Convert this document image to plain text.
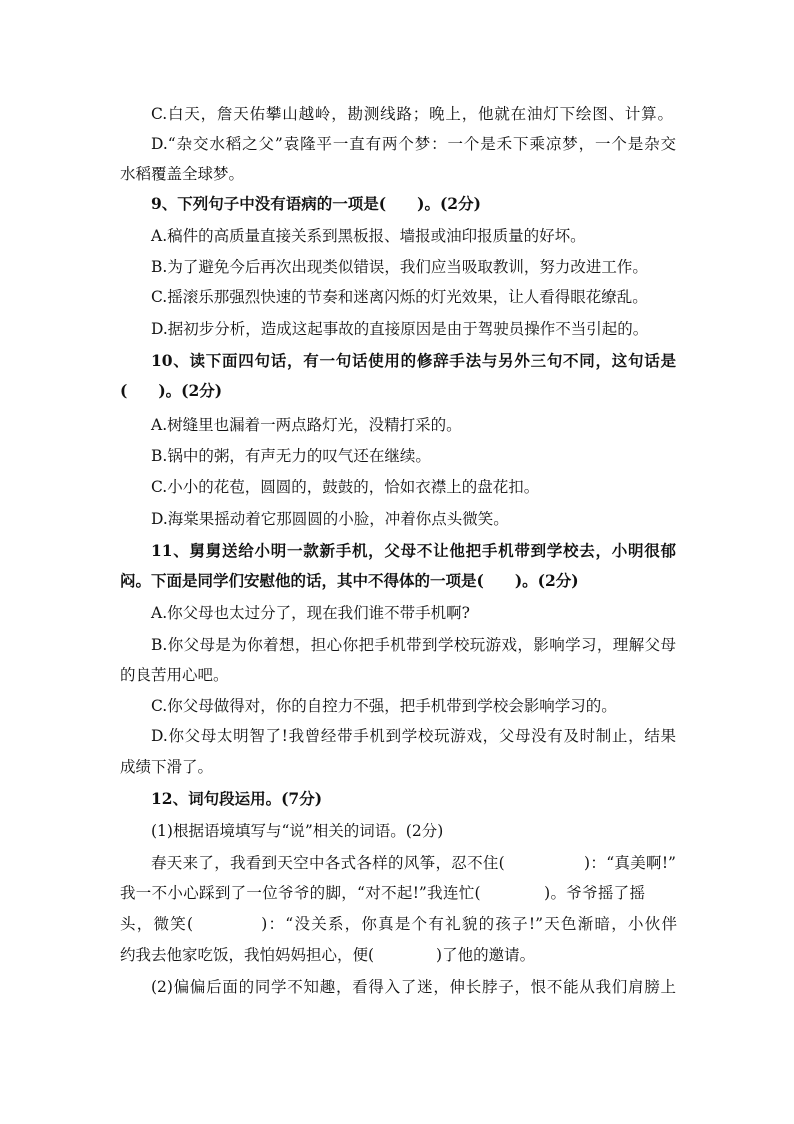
C.白天，詹天佑攀山越岭，勘测线路；晚上，他就在油灯下绘图、计算。
D.“杂交水稻之父”袁隆平一直有两个梦：一个是禾下乘凉梦，一个是杂交
水稻覆盖全球梦。
9、下列句子中没有语病的一项是(　　)。(2分)
A.稿件的高质量直接关系到黑板报、墙报或油印报质量的好坏。
B.为了避免今后再次出现类似错误，我们应当吸取教训，努力改进工作。
C.摇滚乐那强烈快速的节奏和迷离闪烁的灯光效果，让人看得眼花缭乱。
D.据初步分析，造成这起事故的直接原因是由于驾驶员操作不当引起的。
10、读下面四句话，有一句话使用的修辞手法与另外三句不同，这句话是
(　　)。(2分)
A.树缝里也漏着一两点路灯光，没精打采的。
B.锅中的粥，有声无力的叹气还在继续。
C.小小的花苞，圆圆的，鼓鼓的，恰如衣襟上的盘花扣。
D.海棠果摇动着它那圆圆的小脸，冲着你点头微笑。
11、舅舅送给小明一款新手机，父母不让他把手机带到学校去，小明很郁
闷。下面是同学们安慰他的话，其中不得体的一项是(　　)。(2分)
A.你父母也太过分了，现在我们谁不带手机啊?
B.你父母是为你着想，担心你把手机带到学校玩游戏，影响学习，理解父母
的良苦用心吧。
C.你父母做得对，你的自控力不强，把手机带到学校会影响学习的。
D.你父母太明智了!我曾经带手机到学校玩游戏，父母没有及时制止，结果
成绩下滑了。
12、词句段运用。(7分)
(1)根据语境填写与“说”相关的词语。(2分)
春天来了，我看到天空中各式各样的风筝，忍不住(　　　　　)：“真美啊!”
我一不小心踩到了一位爷爷的脚，“对不起!”我连忙(　　　　)。爷爷摇了摇
头，微笑(　　　　)：“没关系，你真是个有礼貌的孩子!”天色渐暗，小伙伴
约我去他家吃饭，我怕妈妈担心，便(　　　　)了他的邀请。
(2)偏偏后面的同学不知趣，看得入了迷，伸长脖子，恨不能从我们肩膀上
